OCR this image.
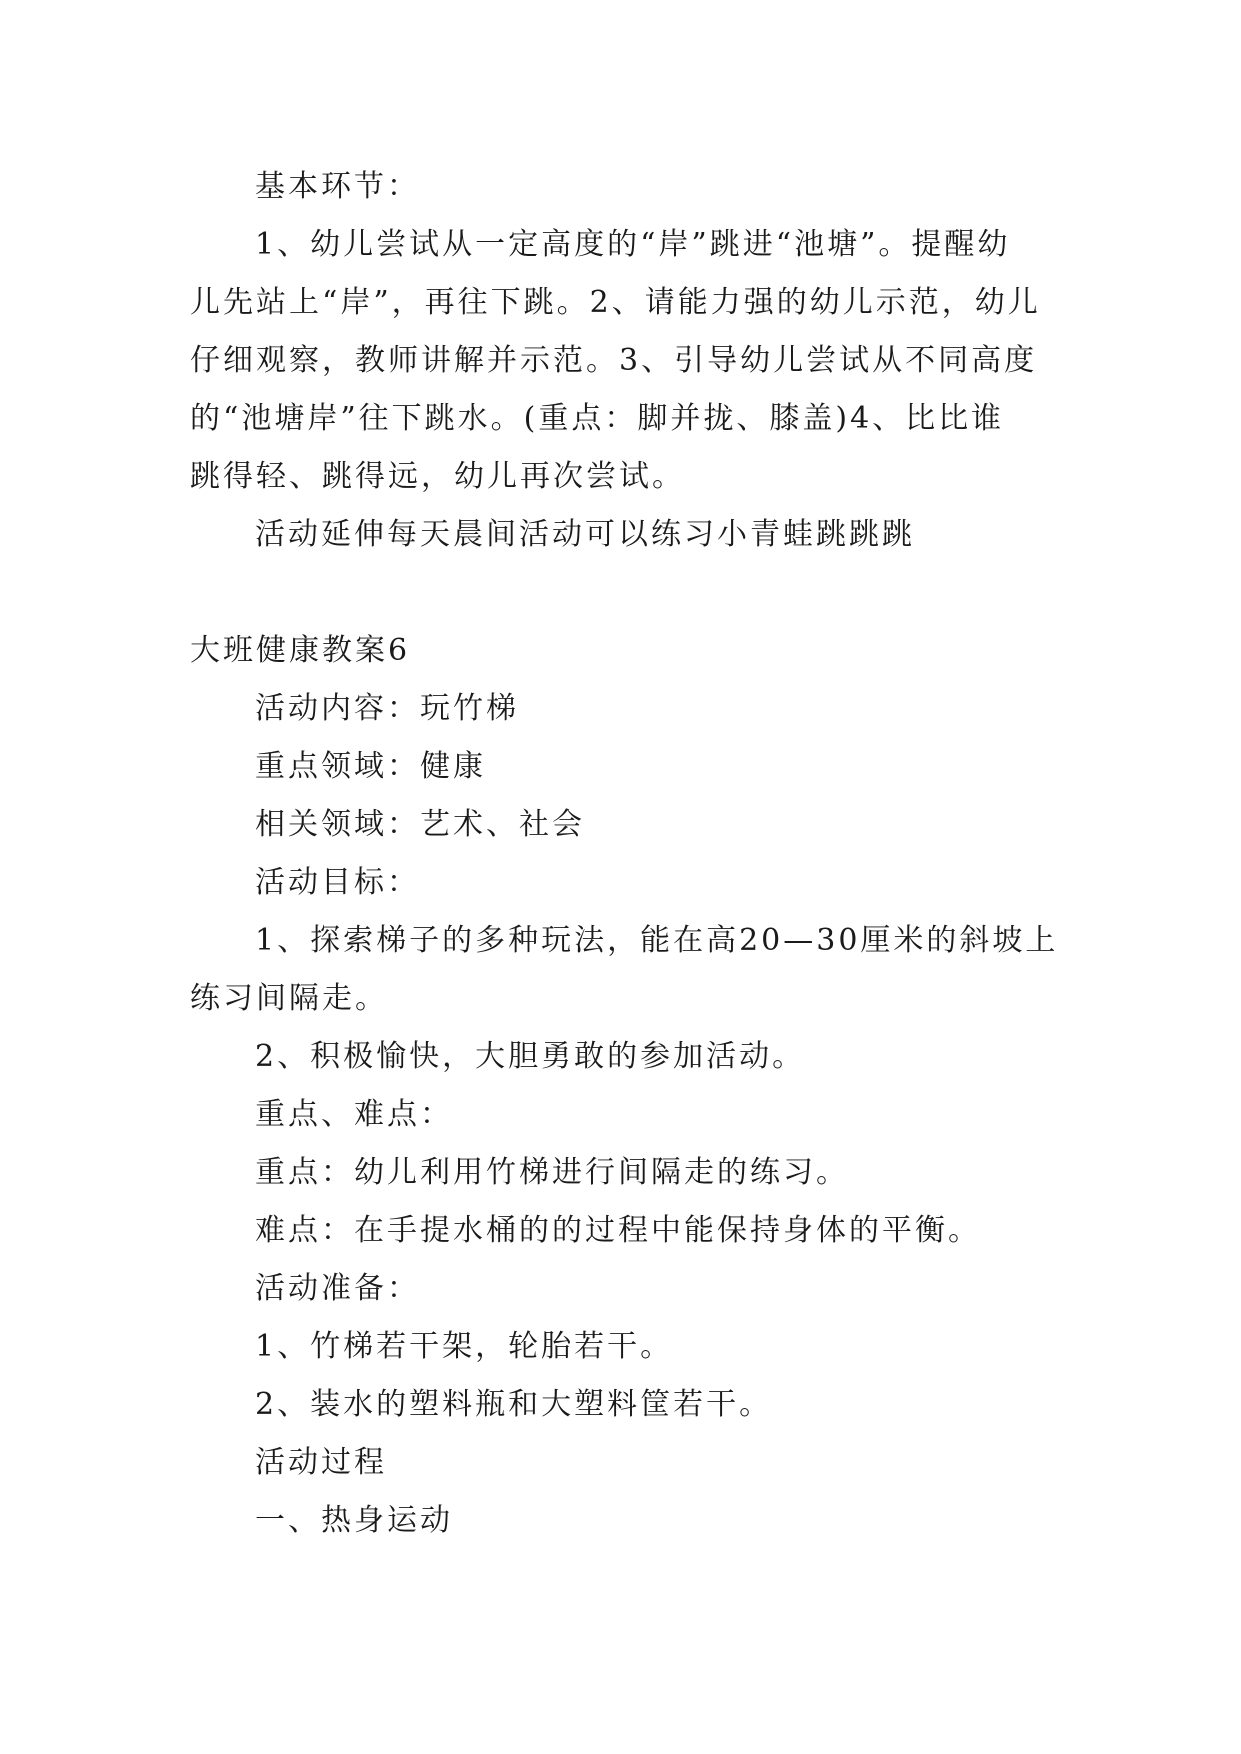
基本环节：
1、幼儿尝试从一定高度的“岸”跳进“池塘”。提醒幼
儿先站上“岸”，再往下跳。2、请能力强的幼儿示范，幼儿
仔细观察，教师讲解并示范。3、引导幼儿尝试从不同高度
的“池塘岸”往下跳水。(重点：脚并拢、膝盖)4、比比谁
跳得轻、跳得远，幼儿再次尝试。
活动延伸每天晨间活动可以练习小青蛙跳跳跳
大班健康教案6
活动内容：玩竹梯
重点领域：健康
相关领域：艺术、社会
活动目标：
1、探索梯子的多种玩法，能在高20—30厘米的斜坡上
练习间隔走。
2、积极愉快，大胆勇敢的参加活动。
重点、难点：
重点：幼儿利用竹梯进行间隔走的练习。
难点：在手提水桶的的过程中能保持身体的平衡。
活动准备：
1、竹梯若干架，轮胎若干。
2、装水的塑料瓶和大塑料筐若干。
活动过程
一、热身运动
